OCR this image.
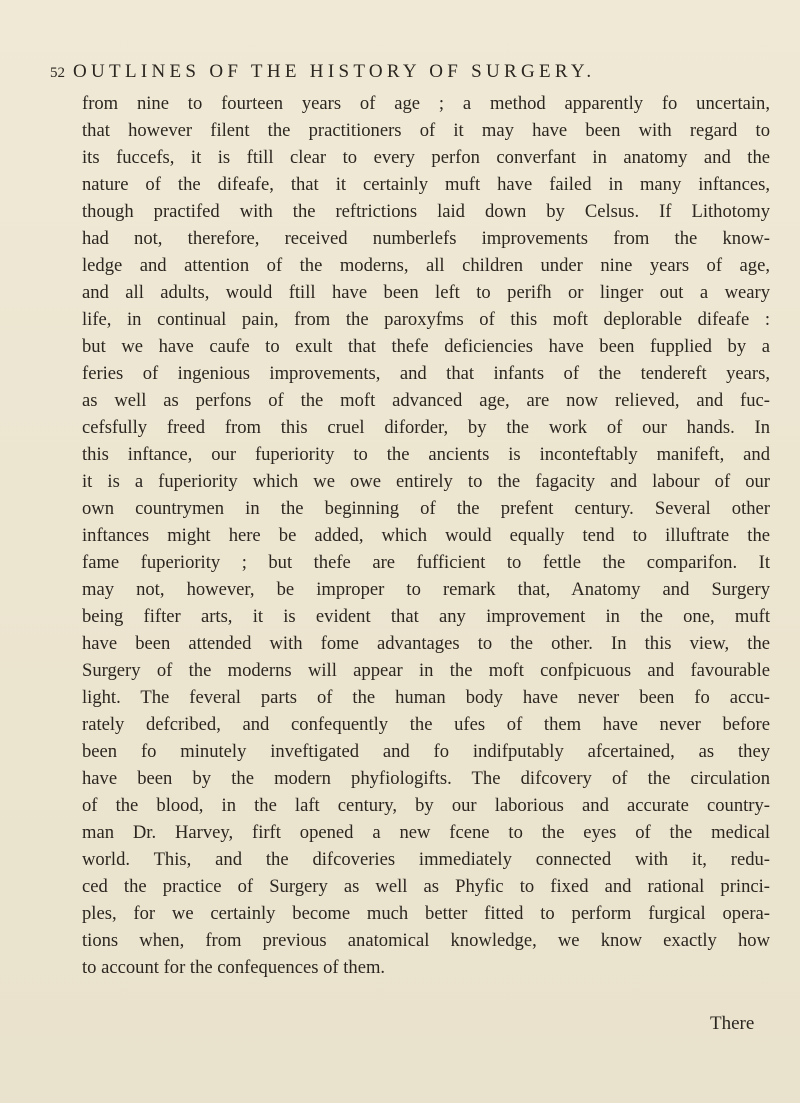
52 OUTLINES OF THE HISTORY OF SURGERY.
from nine to fourteen years of age ; a method apparently fo uncertain,
that however filent the practitioners of it may have been with regard to
its fuccefs, it is ftill clear to every perfon converfant in anatomy and the
nature of the difeafe, that it certainly muft have failed in many inftances,
though practifed with the reftrictions laid down by Celsus. If Lithotomy
had not, therefore, received numberlefs improvements from the know-
ledge and attention of the moderns, all children under nine years of age,
and all adults, would ftill have been left to perifh or linger out a weary
life, in continual pain, from the paroxyfms of this moft deplorable difeafe :
but we have caufe to exult that thefe deficiencies have been fupplied by a
feries of ingenious improvements, and that infants of the tendereft years,
as well as perfons of the moft advanced age, are now relieved, and fuc-
cefsfully freed from this cruel diforder, by the work of our hands. In
this inftance, our fuperiority to the ancients is inconteftably manifeft, and
it is a fuperiority which we owe entirely to the fagacity and labour of our
own countrymen in the beginning of the prefent century. Several other
inftances might here be added, which would equally tend to illuftrate the
fame fuperiority ; but thefe are fufficient to fettle the comparifon. It
may not, however, be improper to remark that, Anatomy and Surgery
being fifter arts, it is evident that any improvement in the one, muft
have been attended with fome advantages to the other. In this view, the
Surgery of the moderns will appear in the moft confpicuous and favourable
light. The feveral parts of the human body have never been fo accu-
rately defcribed, and confequently the ufes of them have never before
been fo minutely inveftigated and fo indifputably afcertained, as they
have been by the modern phyfiologifts. The difcovery of the circulation
of the blood, in the laft century, by our laborious and accurate country-
man Dr. Harvey, firft opened a new fcene to the eyes of the medical
world. This, and the difcoveries immediately connected with it, redu-
ced the practice of Surgery as well as Phyfic to fixed and rational princi-
ples, for we certainly become much better fitted to perform furgical opera-
tions when, from previous anatomical knowledge, we know exactly how
to account for the confequences of them.
There
